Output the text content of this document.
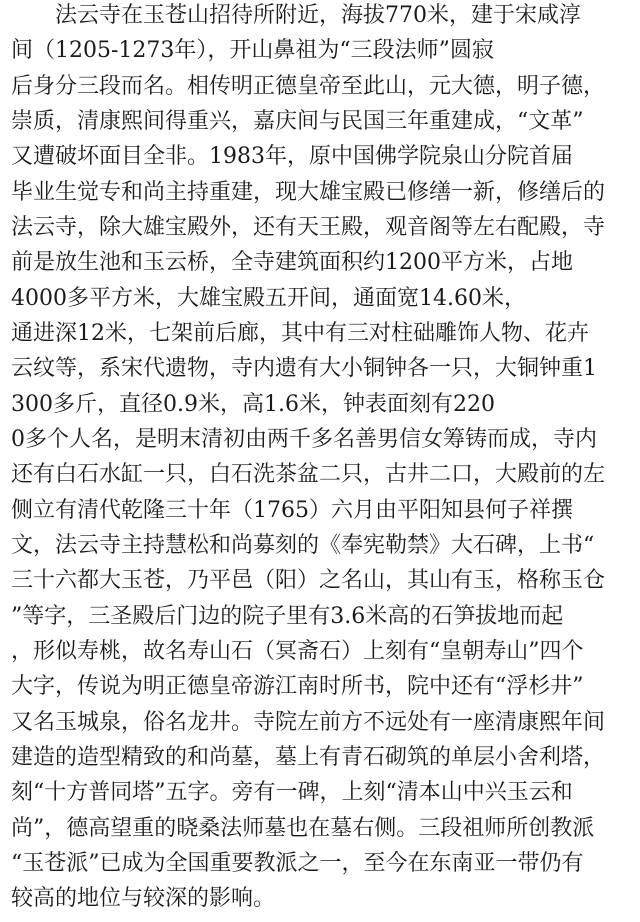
　　法云寺在玉苍山招待所附近，海拔770米，建于宋咸淳
间（1205-1273年），开山鼻祖为“三段法师”圆寂
后身分三段而名。相传明正德皇帝至此山，元大德，明子德，
崇质，清康熙间得重兴，嘉庆间与民国三年重建成，“文革”
又遭破坏面目全非。1983年，原中国佛学院泉山分院首届
毕业生觉专和尚主持重建，现大雄宝殿已修缮一新，修缮后的
法云寺，除大雄宝殿外，还有天王殿，观音阁等左右配殿，寺
前是放生池和玉云桥，全寺建筑面积约1200平方米，占地
4000多平方米，大雄宝殿五开间，通面宽14.60米，
通进深12米，七架前后廊，其中有三对柱础雕饰人物、花卉
云纹等，系宋代遗物，寺内遗有大小铜钟各一只，大铜钟重1
300多斤，直径0.9米，高1.6米，钟表面刻有220
0多个人名，是明末清初由两千多名善男信女筹铸而成，寺内
还有白石水缸一只，白石洗茶盆二只，古井二口，大殿前的左
侧立有清代乾隆三十年（1765）六月由平阳知县何子祥撰
文，法云寺主持慧松和尚募刻的《奉宪勒禁》大石碑，上书“
三十六都大玉苍，乃平邑（阳）之名山，其山有玉，格称玉仓
”等字，三圣殿后门边的院子里有3.6米高的石笋拔地而起
，形似寿桃，故名寿山石（冥斋石）上刻有“皇朝寿山”四个
大字，传说为明正德皇帝游江南时所书，院中还有“浮杉井”
又名玉城泉，俗名龙井。寺院左前方不远处有一座清康熙年间
建造的造型精致的和尚墓，墓上有青石砌筑的单层小舍利塔，
刻“十方普同塔”五字。旁有一碑，上刻“清本山中兴玉云和
尚”，德高望重的晓桑法师墓也在墓右侧。三段祖师所创教派
“玉苍派”已成为全国重要教派之一，至今在东南亚一带仍有
较高的地位与较深的影响。
